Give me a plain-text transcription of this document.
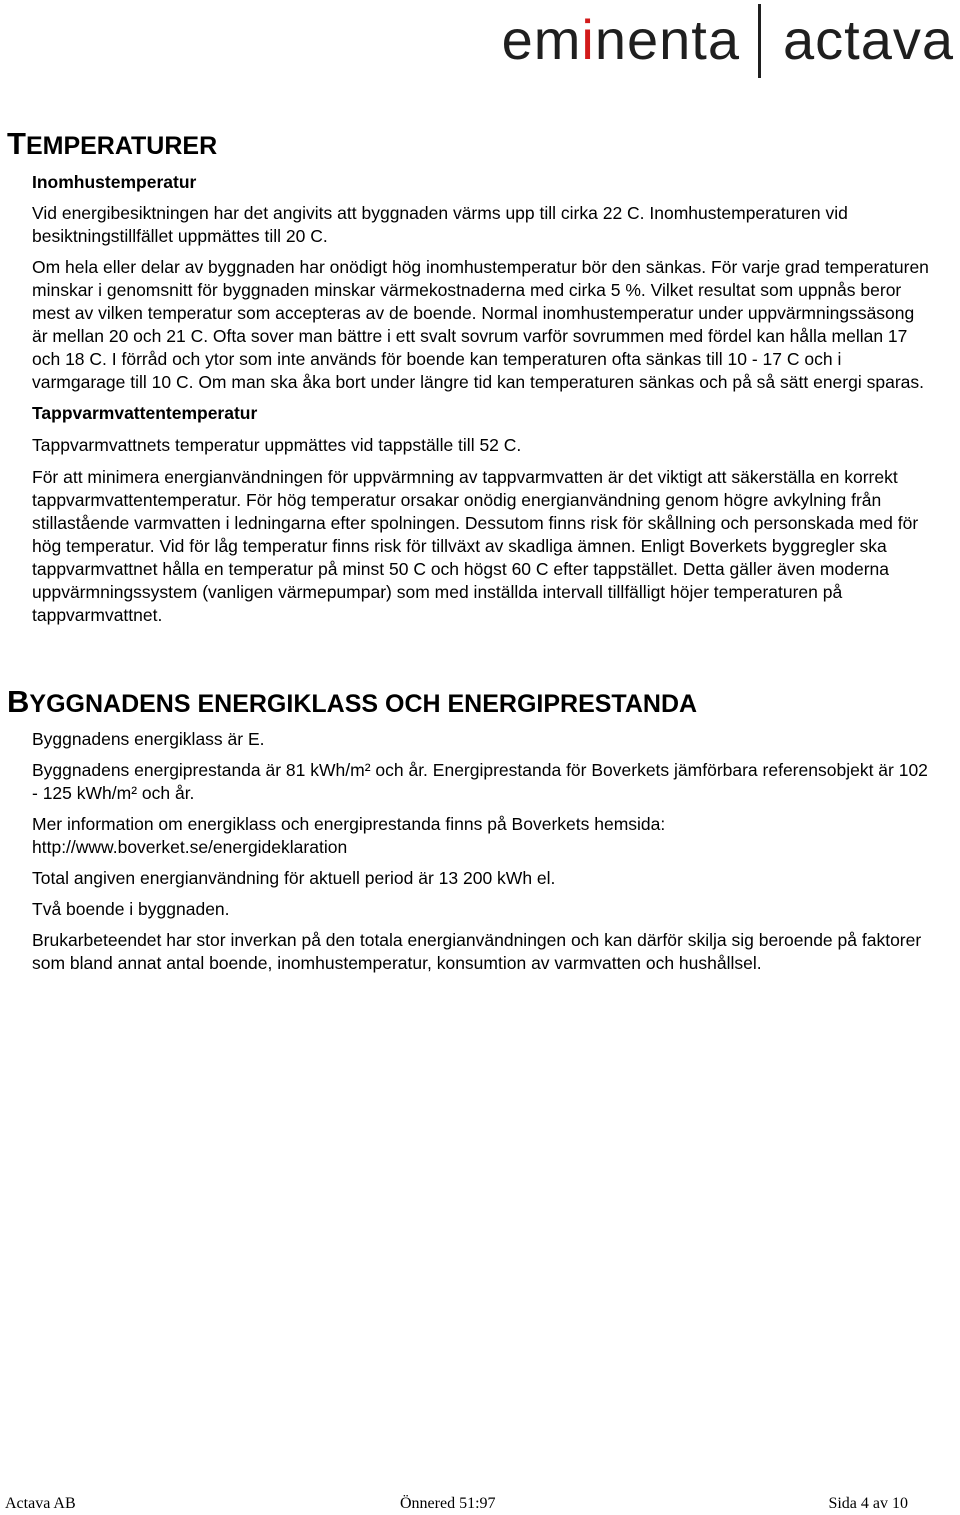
eminenta actava
TEMPERATURER

Inomhustemperatur

Vid energibesiktningen har det angivits att byggnaden värms upp till cirka 22 C. Inomhustemperaturen vid besiktningstillfället uppmättes till 20 C.

Om hela eller delar av byggnaden har onödigt hög inomhustemperatur bör den sänkas. För varje grad temperaturen minskar i genomsnitt för byggnaden minskar värmekostnaderna med cirka 5 %. Vilket resultat som uppnås beror mest av vilken temperatur som accepteras av de boende. Normal inomhustemperatur under uppvärmningssäsong är mellan 20 och 21 C. Ofta sover man bättre i ett svalt sovrum varför sovrummen med fördel kan hålla mellan 17 och 18 C. I förråd och ytor som inte används för boende kan temperaturen ofta sänkas till 10 - 17 C och i varmgarage till 10 C. Om man ska åka bort under längre tid kan temperaturen sänkas och på så sätt energi sparas.

Tappvarmvattentemperatur

Tappvarmvattnets temperatur uppmättes vid tappställe till 52 C.

För att minimera energianvändningen för uppvärmning av tappvarmvatten är det viktigt att säkerställa en korrekt tappvarmvattentemperatur. För hög temperatur orsakar onödig energianvändning genom högre avkylning från stillastående varmvatten i ledningarna efter spolningen. Dessutom finns risk för skållning och personskada med för hög temperatur. Vid för låg temperatur finns risk för tillväxt av skadliga ämnen. Enligt Boverkets byggregler ska tappvarmvattnet hålla en temperatur på minst 50 C och högst 60 C efter tappstället. Detta gäller även moderna uppvärmningssystem (vanligen värmepumpar) som med inställda intervall tillfälligt höjer temperaturen på tappvarmvattnet.

BYGGNADENS ENERGIKLASS OCH ENERGIPRESTANDA

Byggnadens energiklass är E.

Byggnadens energiprestanda är 81 kWh/m² och år. Energiprestanda för Boverkets jämförbara referensobjekt är 102 - 125 kWh/m² och år.

Mer information om energiklass och energiprestanda finns på Boverkets hemsida: http://www.boverket.se/energideklaration

Total angiven energianvändning för aktuell period är 13 200 kWh el.

Två boende i byggnaden.

Brukarbeteendet har stor inverkan på den totala energianvändningen och kan därför skilja sig beroende på faktorer som bland annat antal boende, inomhustemperatur, konsumtion av varmvatten och hushållsel.

Actava AB	Önnered 51:97	Sida 4 av 10
